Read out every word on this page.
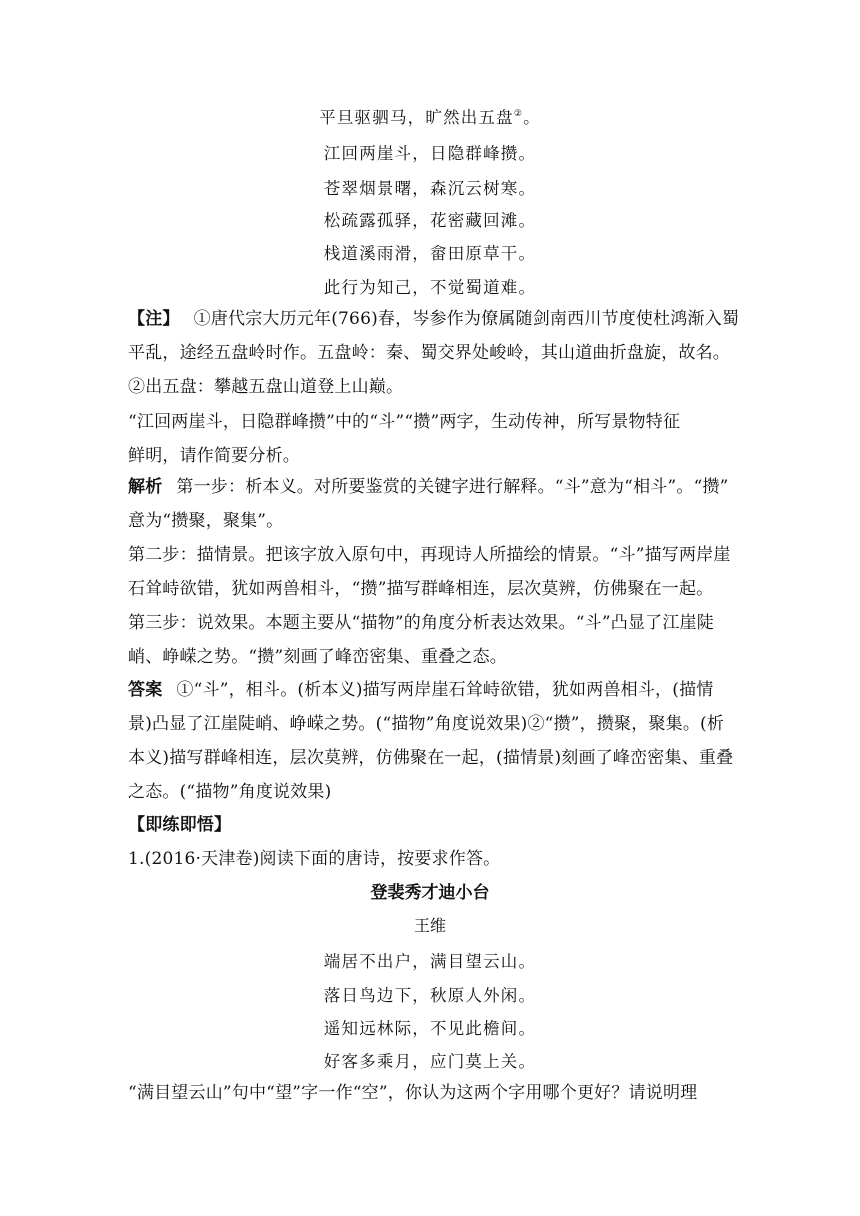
平旦驱驷马，旷然出五盘②。
江回两崖斗，日隐群峰攒。
苍翠烟景曙，森沉云树寒。
松疏露孤驿，花密藏回滩。
栈道溪雨滑，畲田原草干。
此行为知己，不觉蜀道难。
【注】 ①唐代宗大历元年(766)春，岑参作为僚属随剑南西川节度使杜鸿渐入蜀
平乱，途经五盘岭时作。五盘岭：秦、蜀交界处峻岭，其山道曲折盘旋，故名。
②出五盘：攀越五盘山道登上山巅。
“江回两崖斗，日隐群峰攒”中的“斗”“攒”两字，生动传神，所写景物特征
鲜明，请作简要分析。
解析 第一步：析本义。对所要鉴赏的关键字进行解释。“斗”意为“相斗”。“攒”
意为“攒聚，聚集”。
第二步：描情景。把该字放入原句中，再现诗人所描绘的情景。“斗”描写两岸崖
石耸峙欲错，犹如两兽相斗，“攒”描写群峰相连，层次莫辨，仿佛聚在一起。
第三步：说效果。本题主要从“描物”的角度分析表达效果。“斗”凸显了江崖陡
峭、峥嵘之势。“攒”刻画了峰峦密集、重叠之态。
答案 ①“斗”，相斗。(析本义)描写两岸崖石耸峙欲错，犹如两兽相斗，(描情
景)凸显了江崖陡峭、峥嵘之势。(“描物”角度说效果)②“攒”，攒聚，聚集。(析
本义)描写群峰相连，层次莫辨，仿佛聚在一起，(描情景)刻画了峰峦密集、重叠
之态。(“描物”角度说效果)
【即练即悟】
1.(2016·天津卷)阅读下面的唐诗，按要求作答。
登裴秀才迪小台
王维
端居不出户，满目望云山。
落日鸟边下，秋原人外闲。
遥知远林际，不见此檐间。
好客多乘月，应门莫上关。
“满目望云山”句中“望”字一作“空”，你认为这两个字用哪个更好？请说明理
